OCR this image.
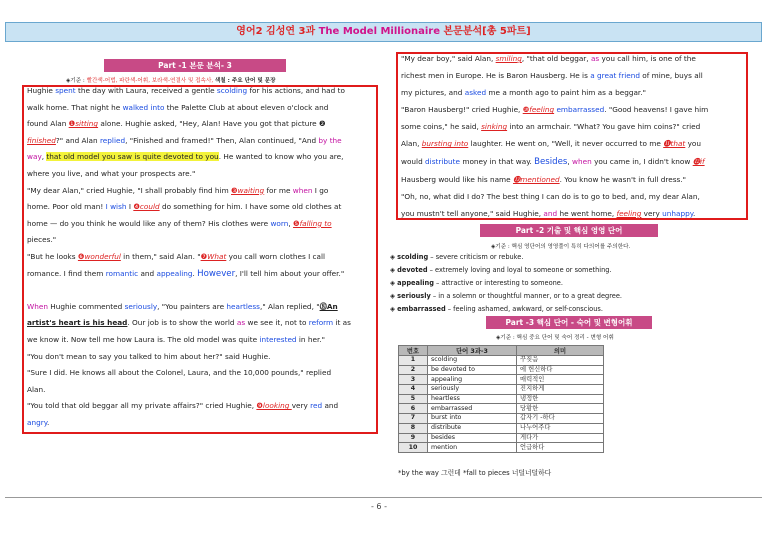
영어2 김성연 3과 The Model Millionaire 본문분석[총 5파트]
Part -1 본문 분석- 3
◈기준 : 빨간색-어법, 파란색-어휘, 보라색-연결사 및 접속사, 색칠 : 주요 단어 및 문장
Hughie spent the day with Laura, received a gentle scolding for his actions, and had to
walk home. That night he walked into the Palette Club at about eleven o'clock and
found Alan ❶sitting alone. Hughie asked, "Hey, Alan! Have you got that picture ❷
finished?" and Alan replied, "Finished and framed!" Then, Alan continued, "And by the
way, that old model you saw is quite devoted to you. He wanted to know who you are,
where you live, and what your prospects are."
"My dear Alan," cried Hughie, "I shall probably find him ❸waiting for me when I go
home. Poor old man! I wish I ❹could do something for him. I have some old clothes at
home — do you think he would like any of them? His clothes were worn, ❺falling to
pieces."
"But he looks ❻wonderful in them," said Alan. "❼What you call worn clothes I call
romance. I find them romantic and appealing. However, I'll tell him about your offer."

When Hughie commented seriously, "You painters are heartless," Alan replied, "⓼An
artist's heart is his head. Our job is to show the world as we see it, not to reform it as
we know it. Now tell me how Laura is. The old model was quite interested in her."
"You don't mean to say you talked to him about her?" said Hughie.
"Sure I did. He knows all about the Colonel, Laura, and the 10,000 pounds," replied
Alan.
"You told that old beggar all my private affairs?" cried Hughie, ❾looking very red and
angry.
"My dear boy," said Alan, smiling, "that old beggar, as you call him, is one of the
richest men in Europe. He is Baron Hausberg. He is a great friend of mine, buys all
my pictures, and asked me a month ago to paint him as a beggar."
"Baron Hausberg!" cried Hughie, ❿feeling embarrassed. "Good heavens! I gave him
some coins," he said, sinking into an armchair. "What? You gave him coins?" cried
Alan, bursting into laughter. He went on, "Well, it never occurred to me ⓫that you
would distribute money in that way. Besides, when you came in, I didn't know ⓬if
Hausberg would like his name ⓭mentioned. You know he wasn't in full dress."
"Oh, no, what did I do? The best thing I can do is to go to bed, and, my dear Alan,
you mustn't tell anyone," said Hughie, and he went home, feeling very unhappy.
Part -2 기출 및 핵심 영영 단어
◈기준 : 핵심 영단어의 영영풀이 특히 다의어를 주의한다.
◈ scolding – severe criticism or rebuke.
◈ devoted – extremely loving and loyal to someone or something.
◈ appealing – attractive or interesting to someone.
◈ seriously – in a solemn or thoughtful manner, or to a great degree.
◈ embarrassed – feeling ashamed, awkward, or self-conscious.
Part -3 핵심 단어 - 숙어 및 변형어휘
◈기준 : 핵심 중요 단어 및 숙어 정리 - 변형 어휘
번호	단어 3과-3	의미
1	scolding	꾸짖음
2	be devoted to	에 헌신하다
3	appealing	매력적인
4	seriously	진지하게
5	heartless	냉정한
6	embarrassed	당황한
7	burst into	갑자기 -하다
8	distribute	나누어주다
9	besides	게다가
10	mention	언급하다
*by the way 그런데 *fall to pieces 너덜너덜하다
- 6 -
